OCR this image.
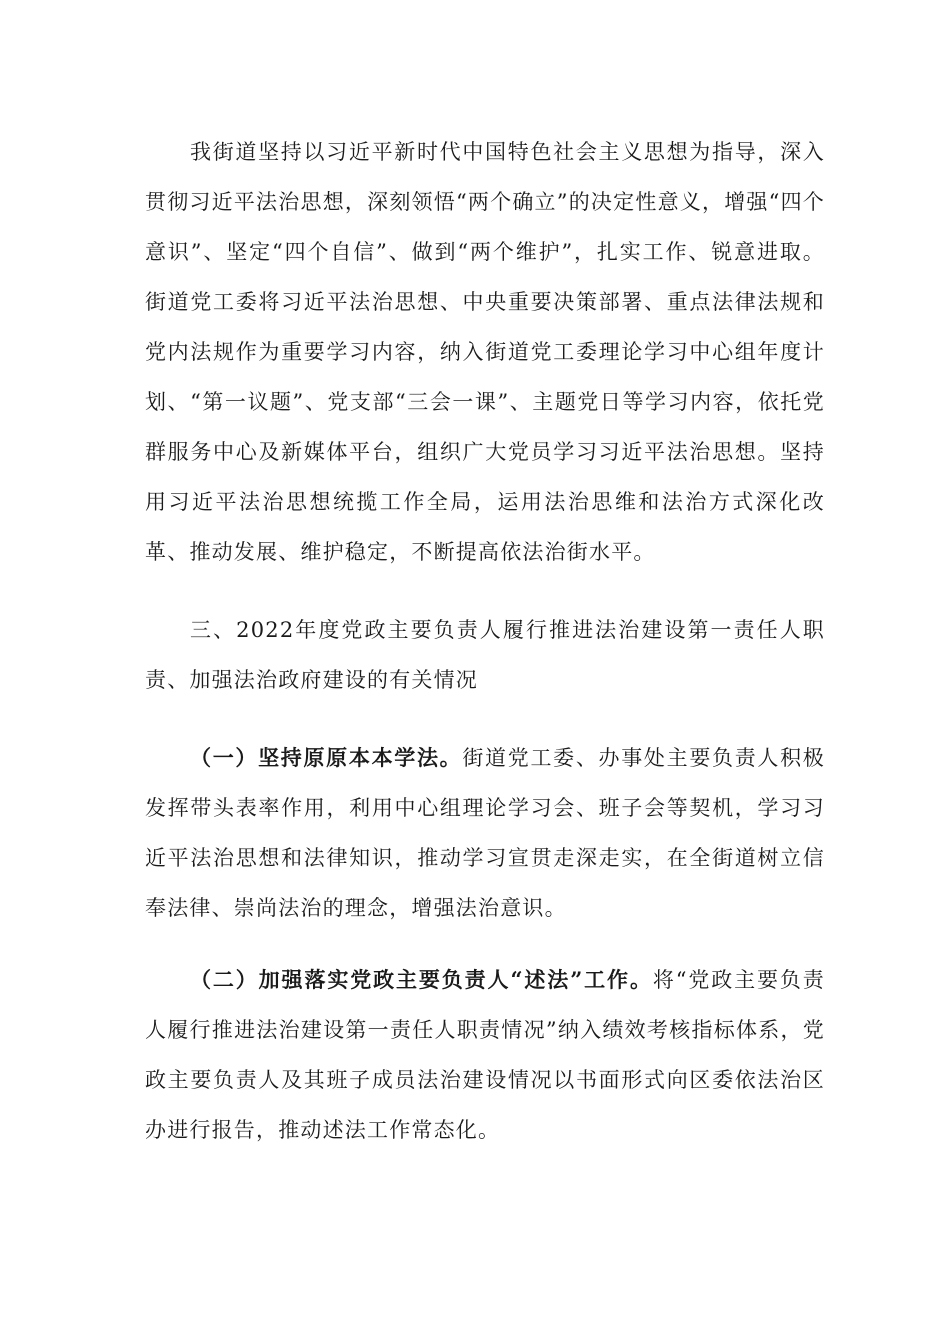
我街道坚持以习近平新时代中国特色社会主义思想为指导，深入贯彻习近平法治思想，深刻领悟“两个确立”的决定性意义，增强“四个意识”、坚定“四个自信”、做到“两个维护”，扎实工作、锐意进取。街道党工委将习近平法治思想、中央重要决策部署、重点法律法规和党内法规作为重要学习内容，纳入街道党工委理论学习中心组年度计划、“第一议题”、党支部“三会一课”、主题党日等学习内容，依托党群服务中心及新媒体平台，组织广大党员学习习近平法治思想。坚持用习近平法治思想统揽工作全局，运用法治思维和法治方式深化改革、推动发展、维护稳定，不断提高依法治街水平。

三、2022年度党政主要负责人履行推进法治建设第一责任人职责、加强法治政府建设的有关情况

（一）坚持原原本本学法。街道党工委、办事处主要负责人积极发挥带头表率作用，利用中心组理论学习会、班子会等契机，学习习近平法治思想和法律知识，推动学习宣贯走深走实，在全街道树立信奉法律、崇尚法治的理念，增强法治意识。

（二）加强落实党政主要负责人“述法”工作。将“党政主要负责人履行推进法治建设第一责任人职责情况”纳入绩效考核指标体系，党政主要负责人及其班子成员法治建设情况以书面形式向区委依法治区办进行报告，推动述法工作常态化。
